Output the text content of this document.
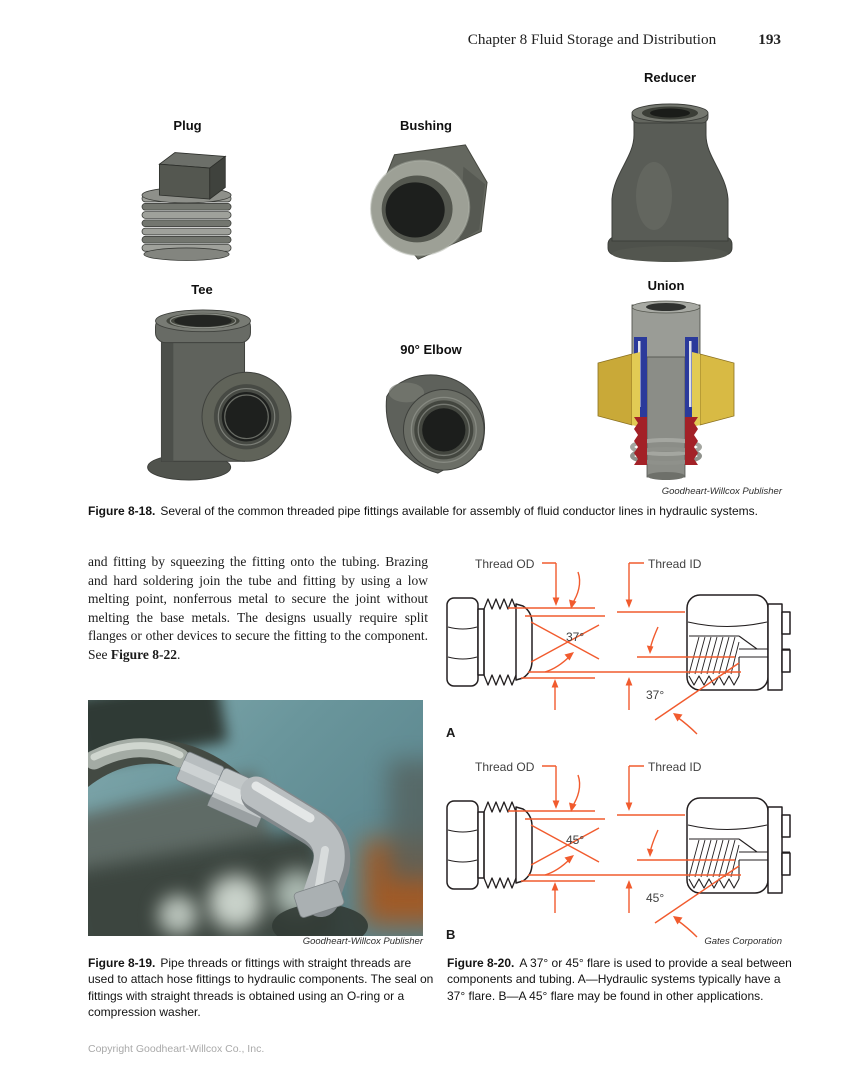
Chapter 8 Fluid Storage and Distribution	193
Plug	Bushing
Reducer
Tee
90° Elbow
Union
Goodheart-Willcox Publisher
Figure 8-18. Several of the common threaded pipe fittings available for assembly of fluid conductor lines in hydraulic systems.

and fitting by squeezing the fitting onto the tubing. Brazing and hard soldering join the tube and fitting by using a low melting point, nonferrous metal to secure the joint without melting the base metals. The designs usually require split flanges or other devices to secure the fitting to the component. See Figure 8-22.

Goodheart-Willcox Publisher
Figure 8-19. Pipe threads or fittings with straight threads are used to attach hose fittings to hydraulic components. The seal on fittings with straight threads is obtained using an O-ring or a compression washer.
Thread OD	Thread ID
37°
37°
A
Thread OD	Thread ID
45°
45°
B	Gates Corporation
Figure 8-20. A 37° or 45° flare is used to provide a seal between components and tubing. A—Hydraulic systems typically have a 37° flare. B—A 45° flare may be found in other applications.
Copyright Goodheart-Willcox Co., Inc.
